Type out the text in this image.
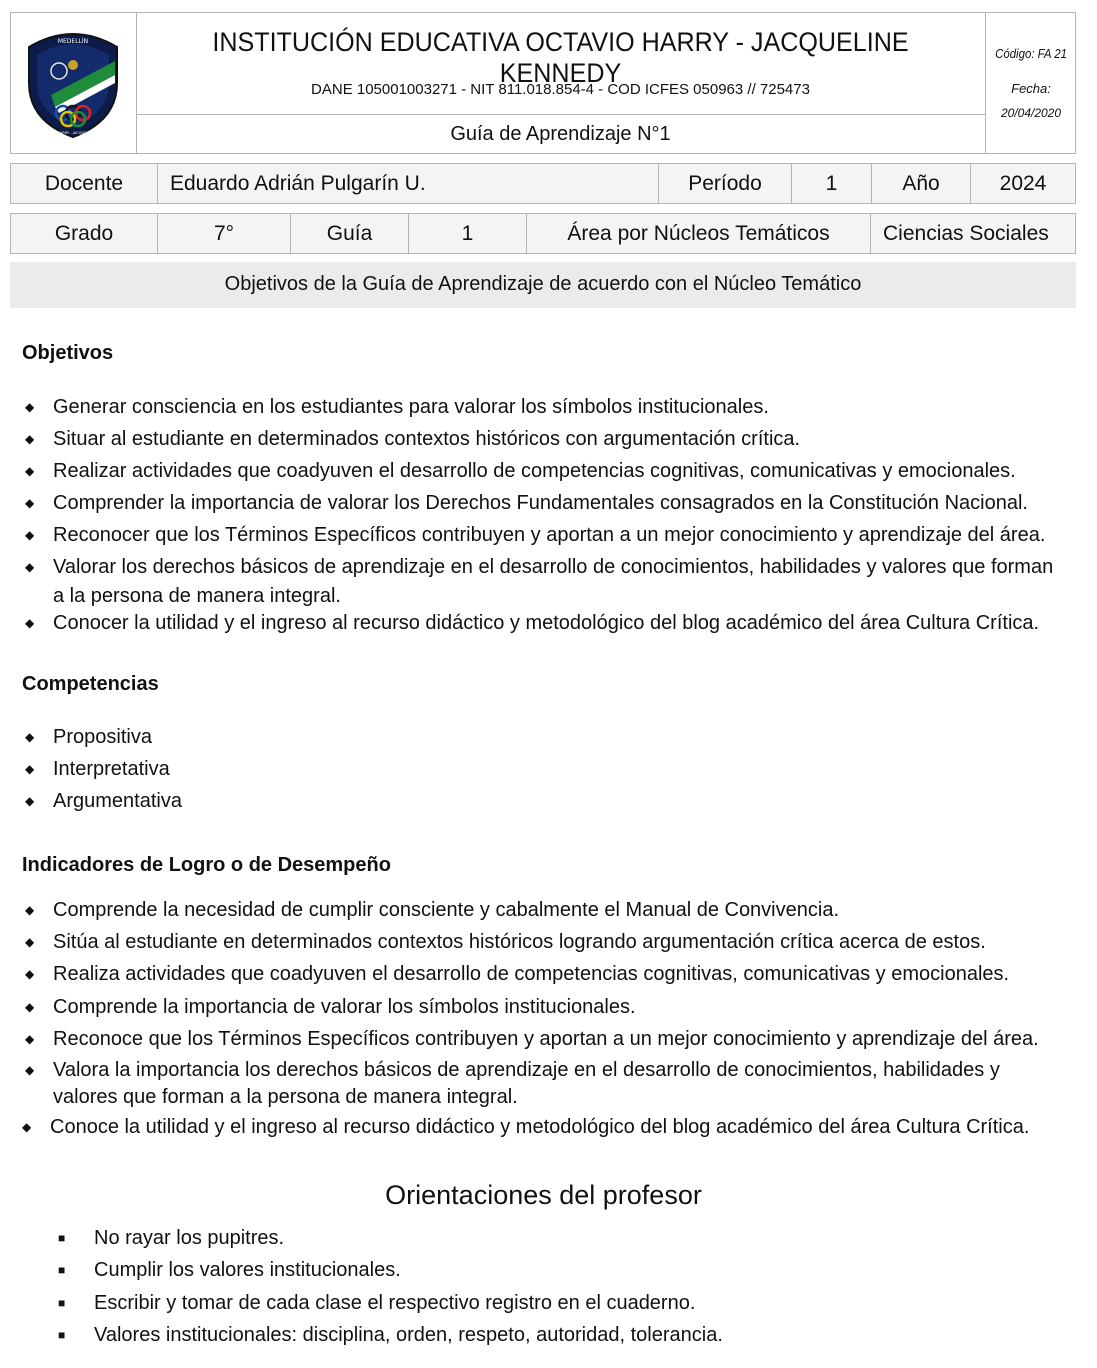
MEDELLÍN
I.E. OCTAVIO HARRY - JACQUELINE KENNEDY
INSTITUCIÓN EDUCATIVA OCTAVIO HARRY - JACQUELINE KENNEDY
DANE 105001003271 - NIT 811.018.854-4 - COD ICFES 050963 // 725473
Guía de Aprendizaje N°1
Código: FA 21
Fecha:
20/04/2020
Docente	Eduardo Adrián Pulgarín U.	Período	1	Año	2024
Grado	7°	Guía	1	Área por Núcleos Temáticos	Ciencias Sociales
Objetivos de la Guía de Aprendizaje de acuerdo con el Núcleo Temático
Objetivos
◆ Generar consciencia en los estudiantes para valorar los símbolos institucionales.
◆ Situar al estudiante en determinados contextos históricos con argumentación crítica.
◆ Realizar actividades que coadyuven el desarrollo de competencias cognitivas, comunicativas y emocionales.
◆ Comprender la importancia de valorar los Derechos Fundamentales consagrados en la Constitución Nacional.
◆ Reconocer que los Términos Específicos contribuyen y aportan a un mejor conocimiento y aprendizaje del área.
◆ Valorar los derechos básicos de aprendizaje en el desarrollo de conocimientos, habilidades y valores que forman a la persona de manera integral.
◆ Conocer la utilidad y el ingreso al recurso didáctico y metodológico del blog académico del área Cultura Crítica.
Competencias
◆ Propositiva
◆ Interpretativa
◆ Argumentativa
Indicadores de Logro o de Desempeño
◆ Comprende la necesidad de cumplir consciente y cabalmente el Manual de Convivencia.
◆ Sitúa al estudiante en determinados contextos históricos logrando argumentación crítica acerca de estos.
◆ Realiza actividades que coadyuven el desarrollo de competencias cognitivas, comunicativas y emocionales.
◆ Comprende la importancia de valorar los símbolos institucionales.
◆ Reconoce que los Términos Específicos contribuyen y aportan a un mejor conocimiento y aprendizaje del área.
◆ Valora la importancia los derechos básicos de aprendizaje en el desarrollo de conocimientos, habilidades y valores que forman a la persona de manera integral.
◆ Conoce la utilidad y el ingreso al recurso didáctico y metodológico del blog académico del área Cultura Crítica.
Orientaciones del profesor
■ No rayar los pupitres.
■ Cumplir los valores institucionales.
■ Escribir y tomar de cada clase el respectivo registro en el cuaderno.
■ Valores institucionales: disciplina, orden, respeto, autoridad, tolerancia.
